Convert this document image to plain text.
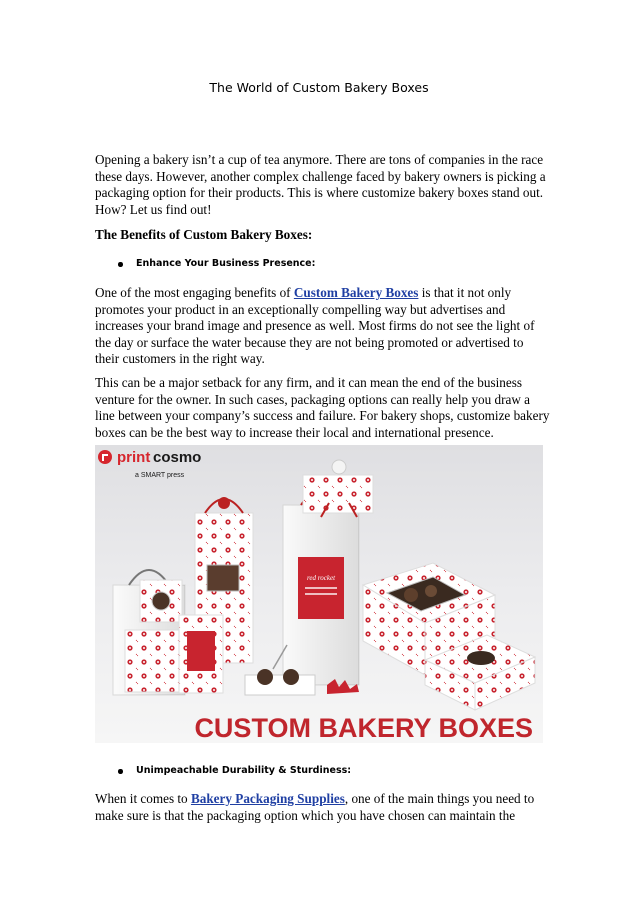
The World of Custom Bakery Boxes

Opening a bakery isn’t a cup of tea anymore. There are tons of companies in the race these days. However, another complex challenge faced by bakery owners is picking a packaging option for their products. This is where customize bakery boxes stand out. How? Let us find out!

The Benefits of Custom Bakery Boxes:

Enhance Your Business Presence:

One of the most engaging benefits of Custom Bakery Boxes is that it not only promotes your product in an exceptionally compelling way but advertises and increases your brand image and presence as well. Most firms do not see the light of the day or surface the water because they are not being promoted or advertised to their customers in the right way.

This can be a major setback for any firm, and it can mean the end of the business venture for the owner. In such cases, packaging options can really help you draw a line between your company’s success and failure. For bakery shops, customize bakery boxes can be the best way to increase their local and international presence.

print cosmo
a SMART press
red rocket
CUSTOM BAKERY BOXES
Unimpeachable Durability & Sturdiness:

When it comes to Bakery Packaging Supplies, one of the main things you need to make sure is that the packaging option which you have chosen can maintain the
